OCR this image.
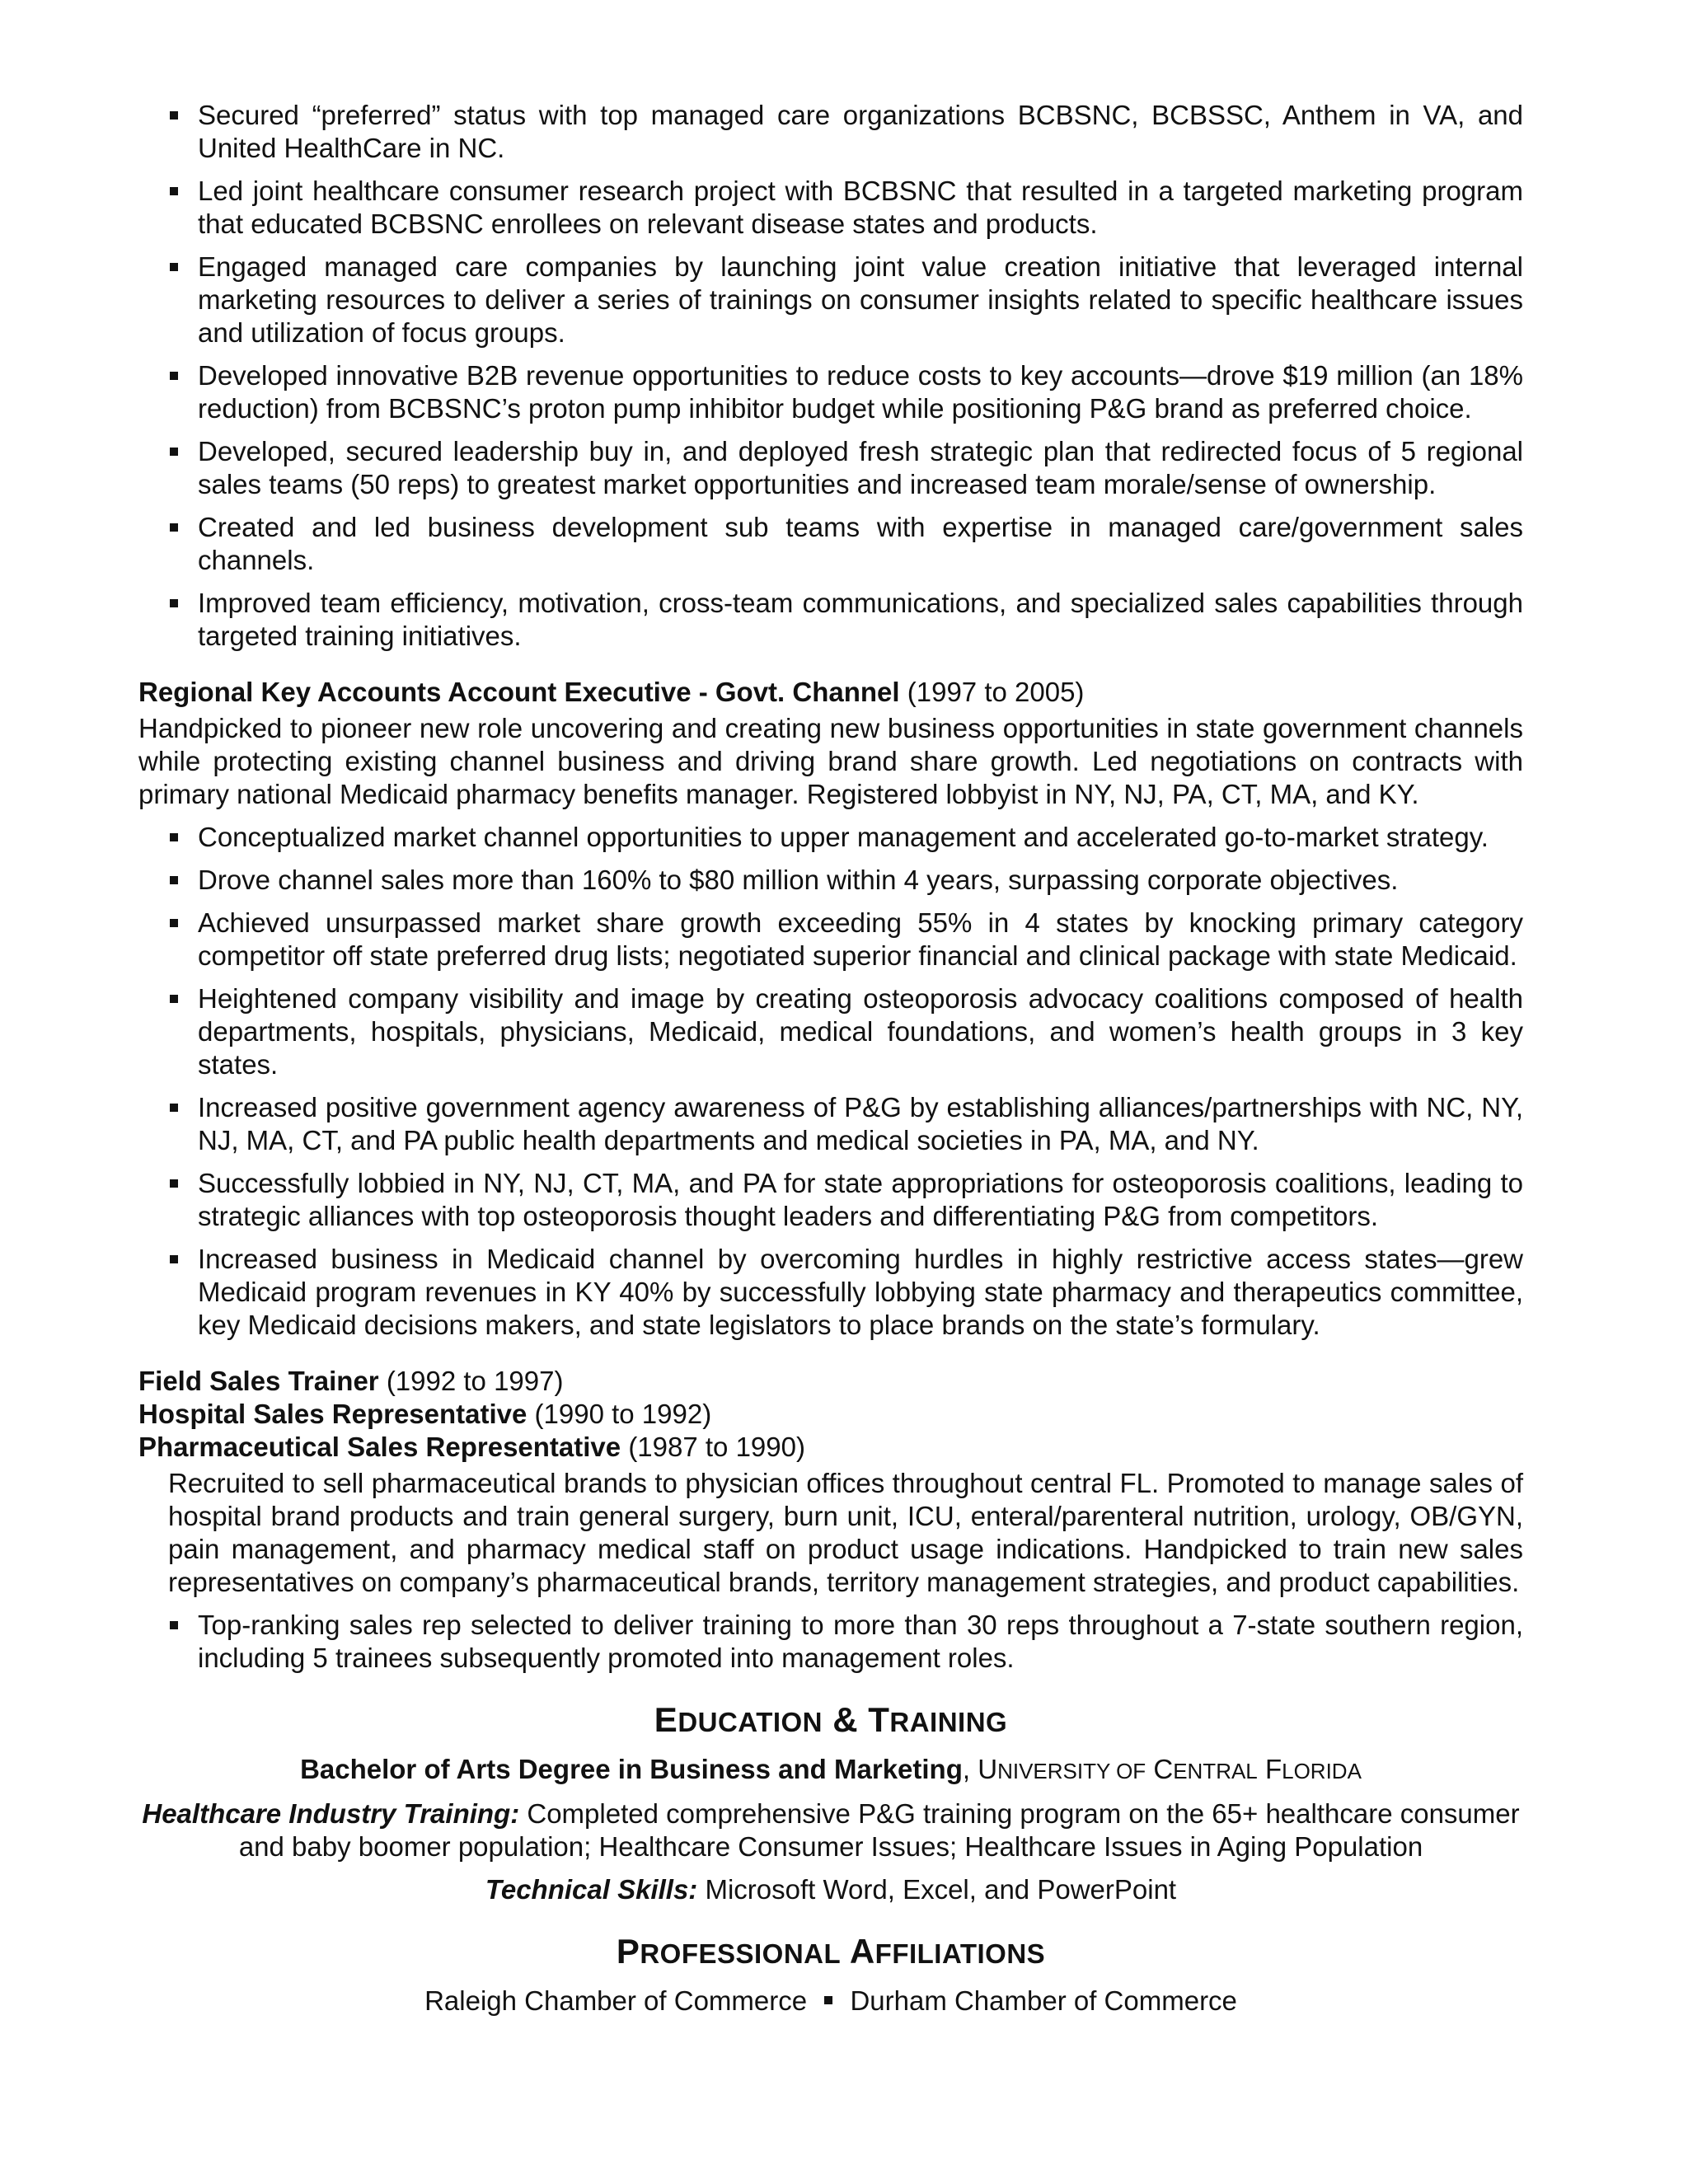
Secured “preferred” status with top managed care organizations BCBSNC, BCBSSC, Anthem in VA, and United HealthCare in NC.
Led joint healthcare consumer research project with BCBSNC that resulted in a targeted marketing program that educated BCBSNC enrollees on relevant disease states and products.
Engaged managed care companies by launching joint value creation initiative that leveraged internal marketing resources to deliver a series of trainings on consumer insights related to specific healthcare issues and utilization of focus groups.
Developed innovative B2B revenue opportunities to reduce costs to key accounts—drove $19 million (an 18% reduction) from BCBSNC’s proton pump inhibitor budget while positioning P&G brand as preferred choice.
Developed, secured leadership buy in, and deployed fresh strategic plan that redirected focus of 5 regional sales teams (50 reps) to greatest market opportunities and increased team morale/sense of ownership.
Created and led business development sub teams with expertise in managed care/government sales channels.
Improved team efficiency, motivation, cross-team communications, and specialized sales capabilities through targeted training initiatives.
Regional Key Accounts Account Executive - Govt. Channel (1997 to 2005)
Handpicked to pioneer new role uncovering and creating new business opportunities in state government channels while protecting existing channel business and driving brand share growth. Led negotiations on contracts with primary national Medicaid pharmacy benefits manager. Registered lobbyist in NY, NJ, PA, CT, MA, and KY.
Conceptualized market channel opportunities to upper management and accelerated go-to-market strategy.
Drove channel sales more than 160% to $80 million within 4 years, surpassing corporate objectives.
Achieved unsurpassed market share growth exceeding 55% in 4 states by knocking primary category competitor off state preferred drug lists; negotiated superior financial and clinical package with state Medicaid.
Heightened company visibility and image by creating osteoporosis advocacy coalitions composed of health departments, hospitals, physicians, Medicaid, medical foundations, and women’s health groups in 3 key states.
Increased positive government agency awareness of P&G by establishing alliances/partnerships with NC, NY, NJ, MA, CT, and PA public health departments and medical societies in PA, MA, and NY.
Successfully lobbied in NY, NJ, CT, MA, and PA for state appropriations for osteoporosis coalitions, leading to strategic alliances with top osteoporosis thought leaders and differentiating P&G from competitors.
Increased business in Medicaid channel by overcoming hurdles in highly restrictive access states—grew Medicaid program revenues in KY 40% by successfully lobbying state pharmacy and therapeutics committee, key Medicaid decisions makers, and state legislators to place brands on the state’s formulary.
Field Sales Trainer (1992 to 1997)
Hospital Sales Representative (1990 to 1992)
Pharmaceutical Sales Representative (1987 to 1990)
Recruited to sell pharmaceutical brands to physician offices throughout central FL. Promoted to manage sales of hospital brand products and train general surgery, burn unit, ICU, enteral/parenteral nutrition, urology, OB/GYN, pain management, and pharmacy medical staff on product usage indications. Handpicked to train new sales representatives on company’s pharmaceutical brands, territory management strategies, and product capabilities.
Top-ranking sales rep selected to deliver training to more than 30 reps throughout a 7-state southern region, including 5 trainees subsequently promoted into management roles.
EDUCATION & TRAINING
Bachelor of Arts Degree in Business and Marketing, UNIVERSITY OF CENTRAL FLORIDA
Healthcare Industry Training: Completed comprehensive P&G training program on the 65+ healthcare consumer and baby boomer population; Healthcare Consumer Issues; Healthcare Issues in Aging Population
Technical Skills: Microsoft Word, Excel, and PowerPoint
PROFESSIONAL AFFILIATIONS
Raleigh Chamber of Commerce Durham Chamber of Commerce
